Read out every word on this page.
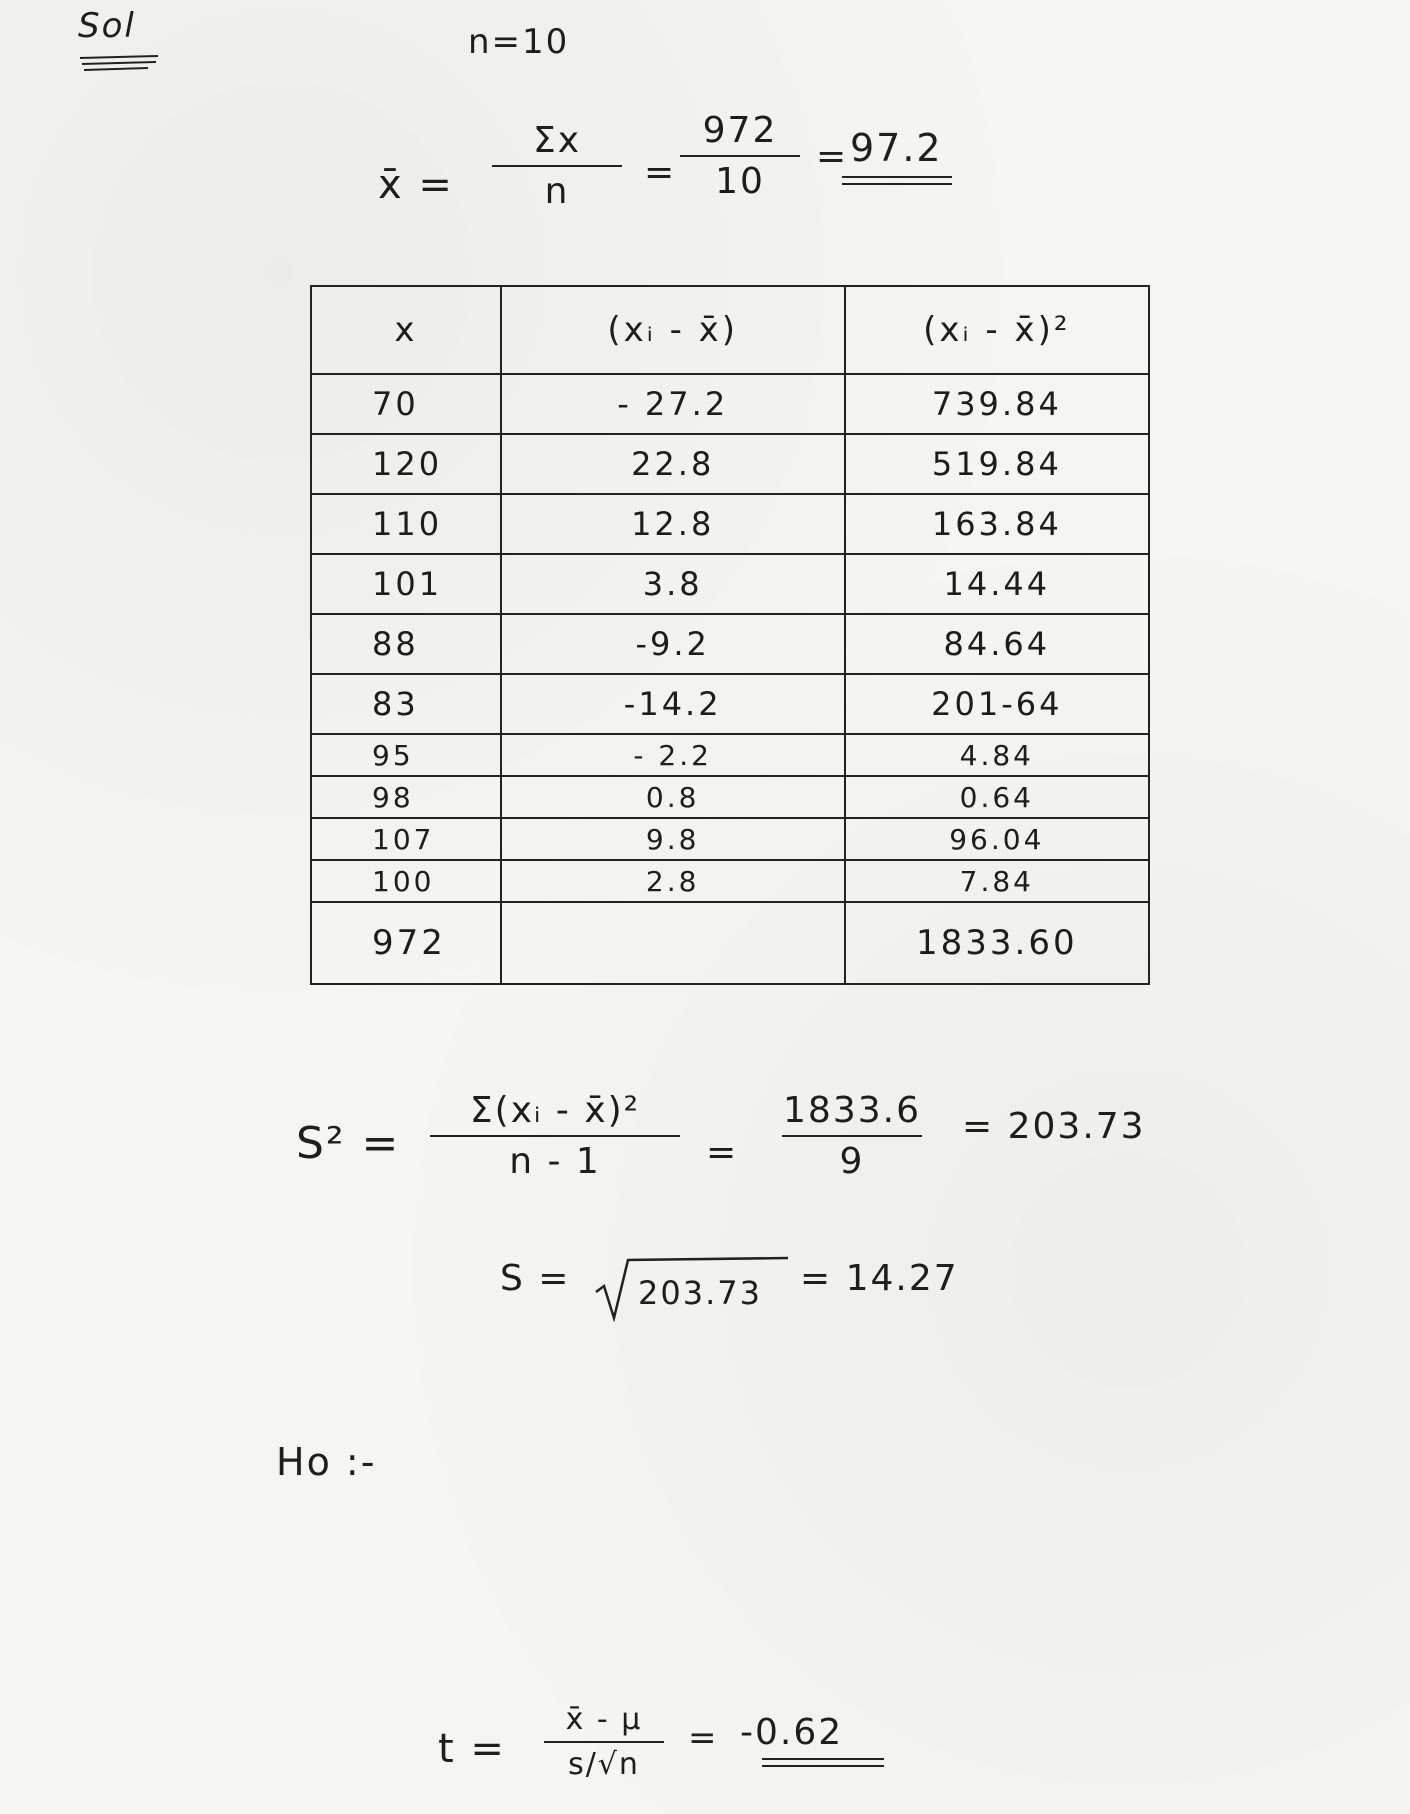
Sol	n=10
x̄ =
Σx
n	=
972
10
= 97.2
x	(xᵢ - x̄)	(xᵢ - x̄)²
70	- 27.2	739.84
120	22.8	519.84
110	12.8	163.84
101	3.8	14.44
88	-9.2	84.64
83	-14.2	201-64
95	- 2.2	4.84
98	0.8	0.64
107	9.8	96.04
100	2.8	7.84
972		1833.60
S² =
Σ(xᵢ - x̄)²
n - 1	=
1833.6
9
= 203.73
S = 203.73 = 14.27
Ho :-
t =
x̄ - μ
s/√n
= -0.62
